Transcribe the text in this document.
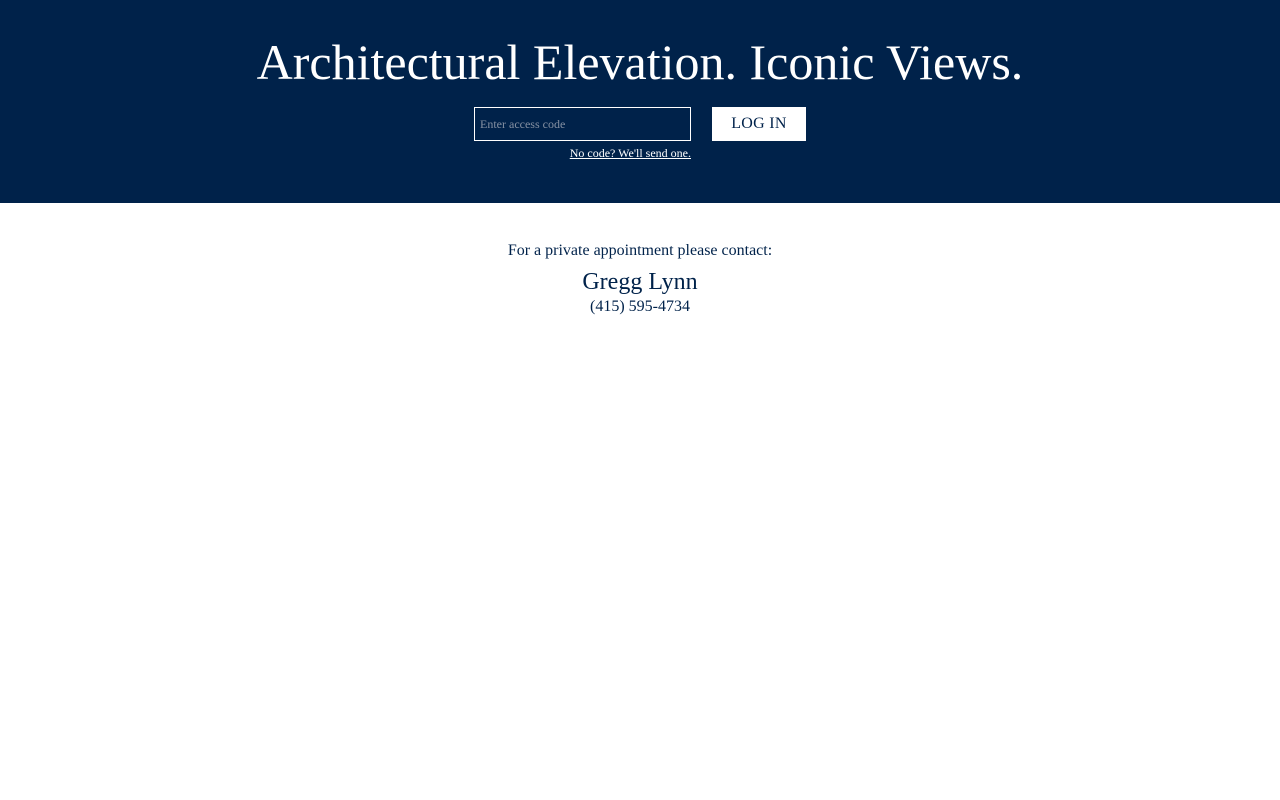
Architectural Elevation. Iconic Views.
Enter access code
LOG IN
No code? We'll send one.

For a private appointment please contact:

Gregg Lynn

(415) 595-4734
